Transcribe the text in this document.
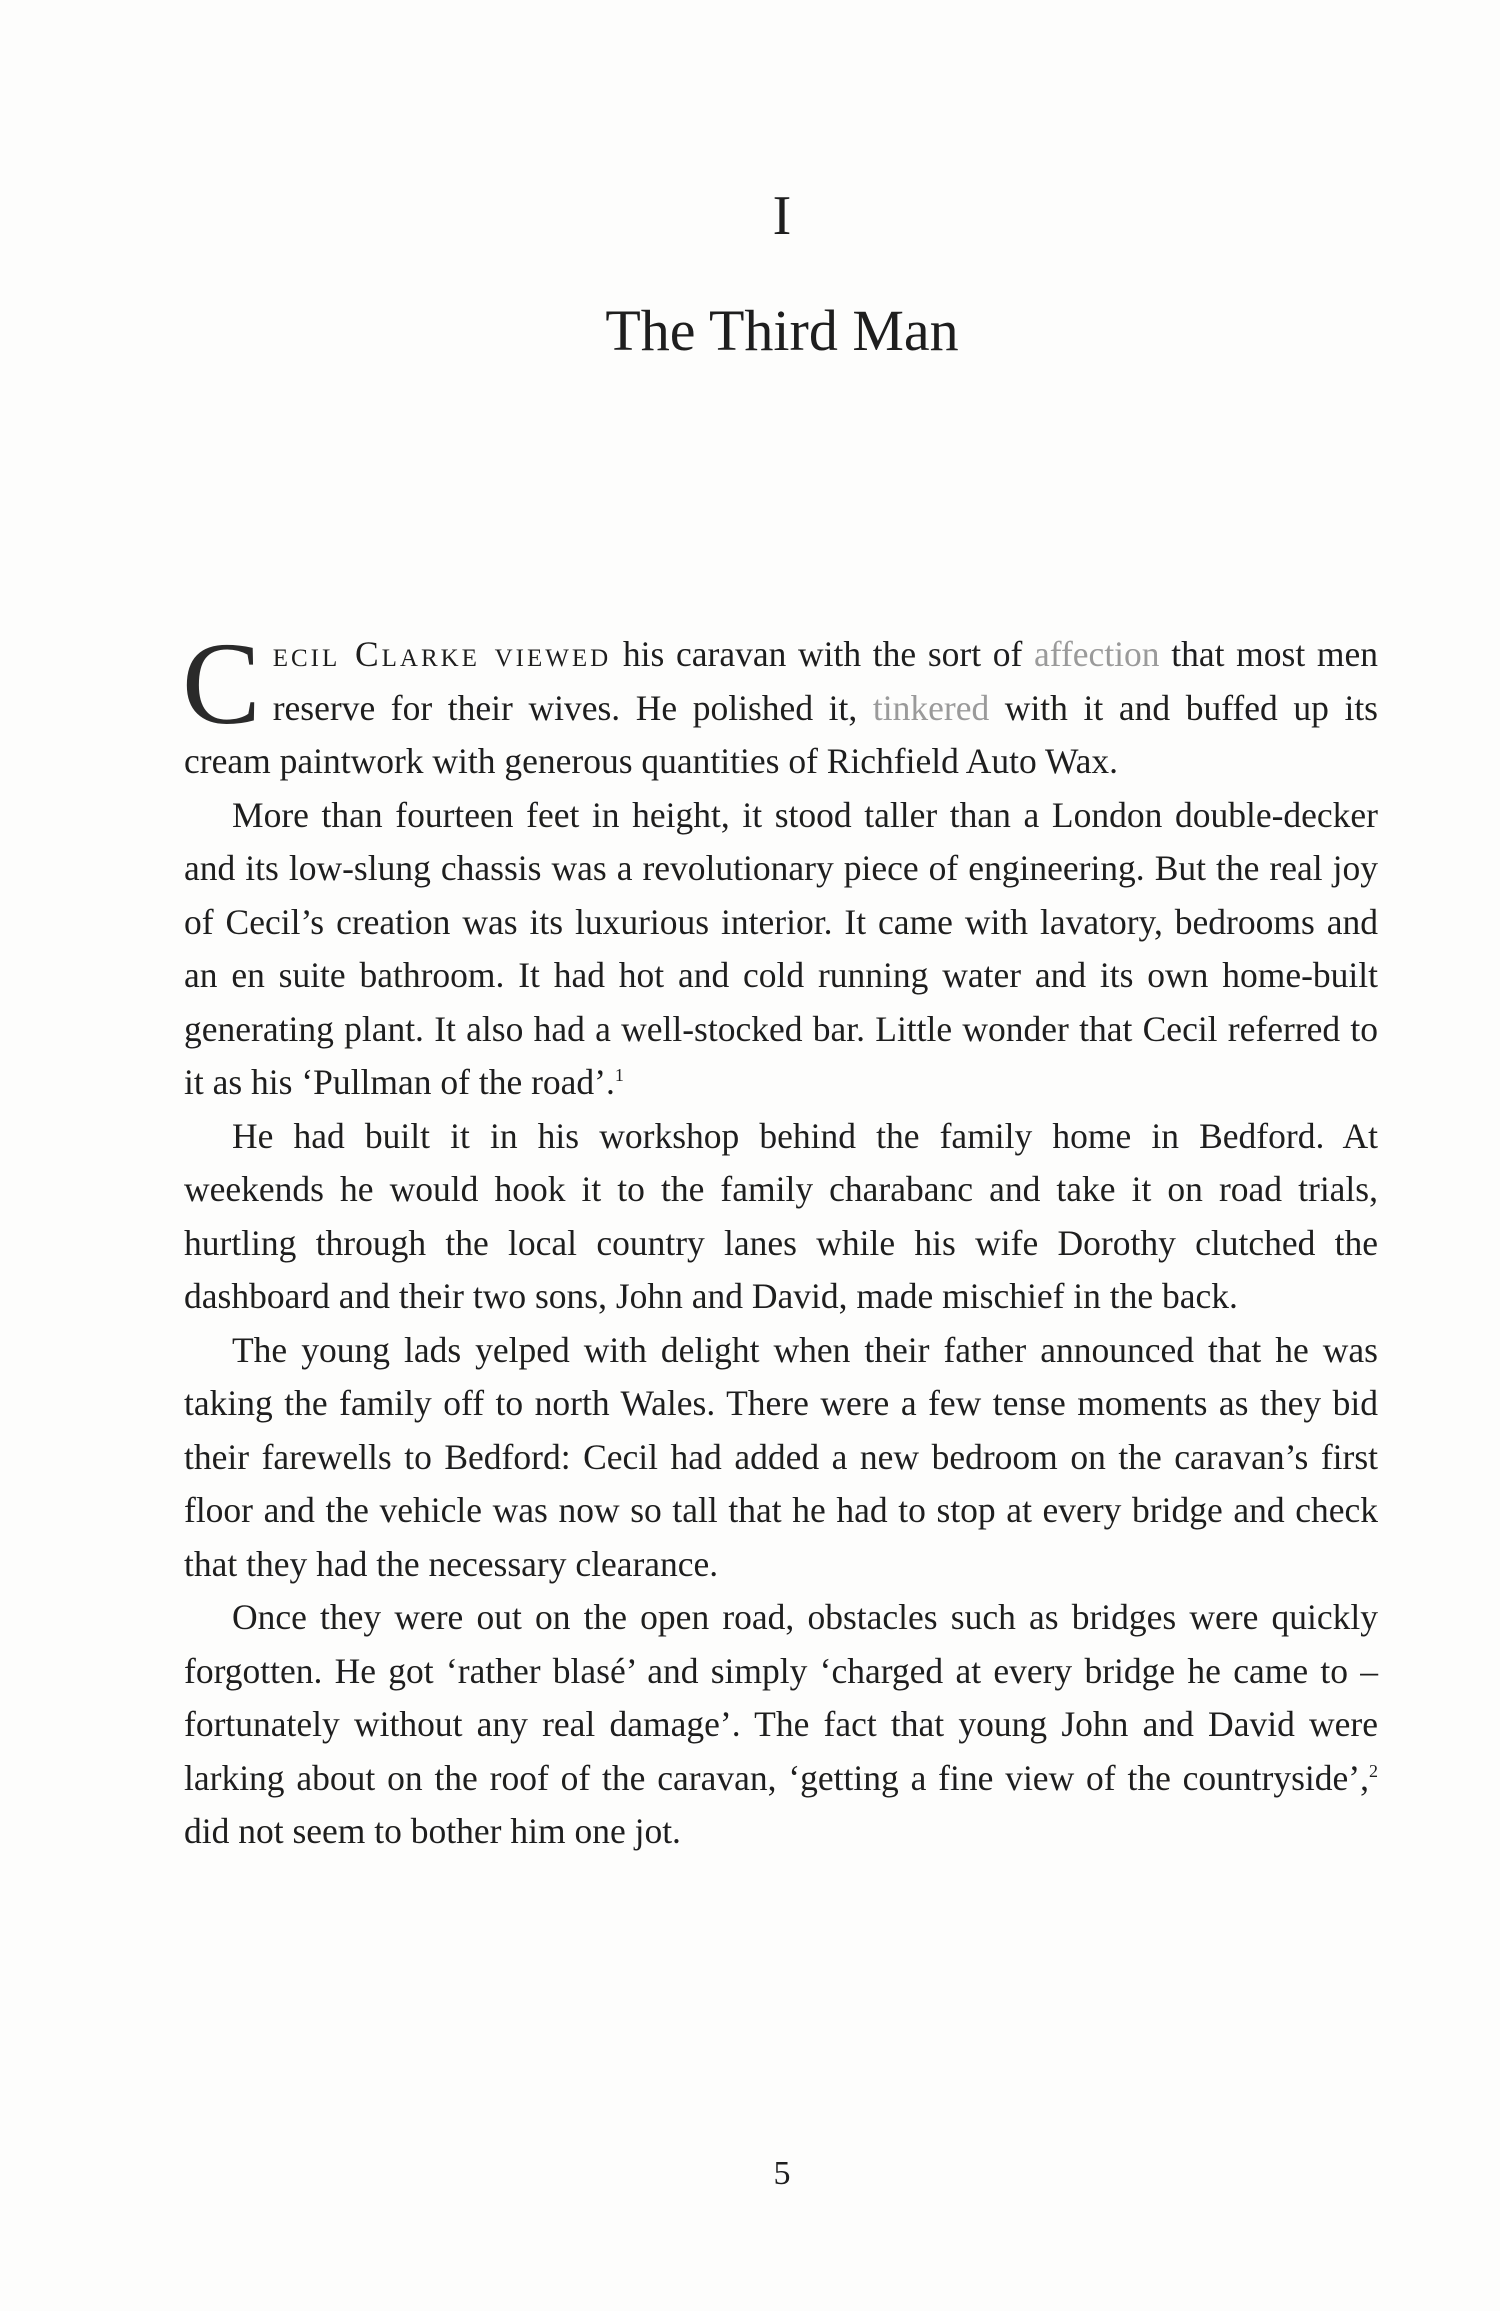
I
The Third Man

Cecil Clarke viewed his caravan with the sort of affection that most men reserve for their wives. He polished it, tinkered with it and buffed up its cream paintwork with generous quantities of Richfield Auto Wax.

More than fourteen feet in height, it stood taller than a London double-decker and its low-slung chassis was a revolutionary piece of engineering. But the real joy of Cecil’s creation was its luxurious interior. It came with lavatory, bedrooms and an en suite bathroom. It had hot and cold running water and its own home-built generating plant. It also had a well-stocked bar. Little wonder that Cecil referred to it as his ‘Pullman of the road’.$^1$

He had built it in his workshop behind the family home in Bedford. At weekends he would hook it to the family charabanc and take it on road trials, hurtling through the local country lanes while his wife Dorothy clutched the dashboard and their two sons, John and David, made mischief in the back.

The young lads yelped with delight when their father announced that he was taking the family off to north Wales. There were a few tense moments as they bid their farewells to Bedford: Cecil had added a new bedroom on the caravan’s first floor and the vehicle was now so tall that he had to stop at every bridge and check that they had the necessary clearance.

Once they were out on the open road, obstacles such as bridges were quickly forgotten. He got ‘rather blasé’ and simply ‘charged at every bridge he came to – fortunately without any real damage’. The fact that young John and David were larking about on the roof of the caravan, ‘getting a fine view of the countryside’,$^2$ did not seem to bother him one jot.

5
